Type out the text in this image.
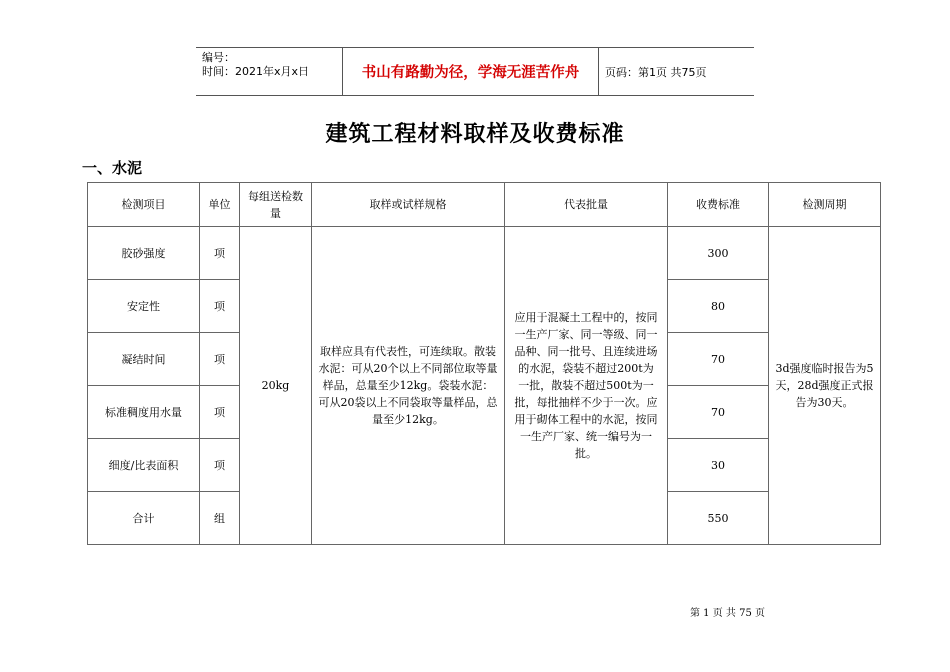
编号：
时间：2021年x月x日	书山有路勤为径，学海无涯苦作舟 页码：第1页 共75页
建筑工程材料取样及收费标准
一、水泥
检测项目	单位	每组送检数量	取样或试样规格	代表批量	收费标准	检测周期
胶砂强度	项	20kg	取样应具有代表性，可连续取。散装水泥：可从20个以上不同部位取等量样品，总量至少12kg。袋装水泥：可从20袋以上不同袋取等量样品，总量至少12kg。	应用于混凝土工程中的，按同一生产厂家、同一等级、同一品种、同一批号、且连续进场的水泥，袋装不超过200t为一批，散装不超过500t为一批，每批抽样不少于一次。应用于砌体工程中的水泥，按同一生产厂家、统一编号为一批。	300	3d强度临时报告为5天，28d强度正式报告为30天。
安定性	项				80	
凝结时间	项				70	
标准稠度用水量	项				70	
细度/比表面积	项				30	
合计	组				550	
第 1 页 共 75 页
